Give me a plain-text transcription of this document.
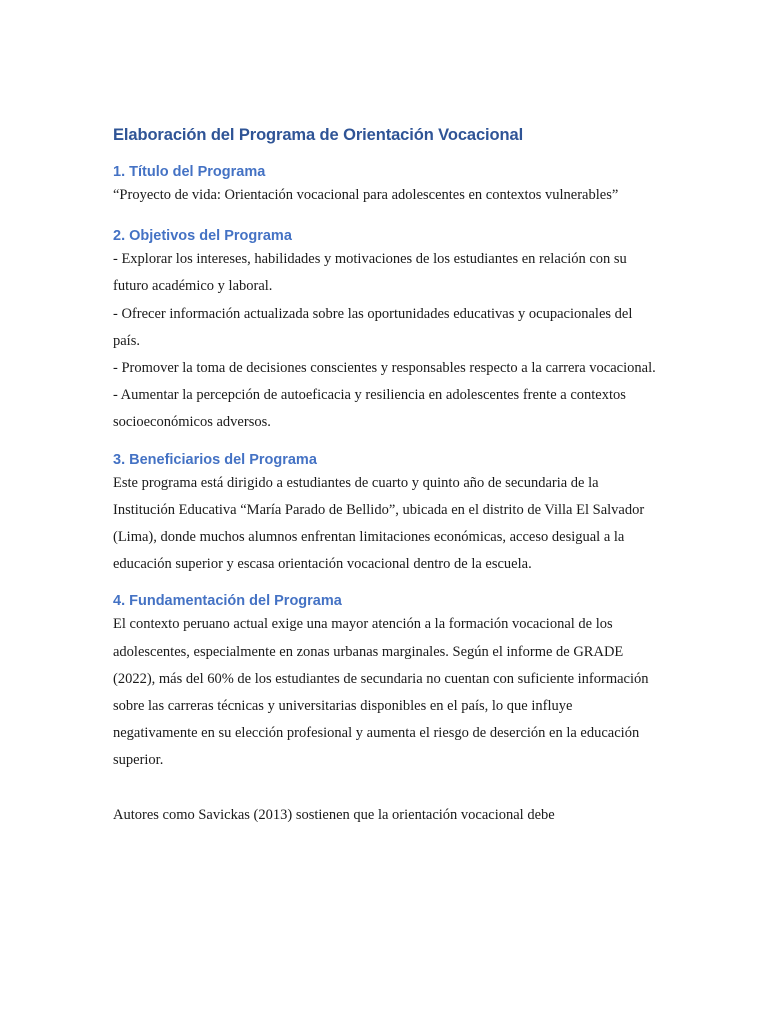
Elaboración del Programa de Orientación Vocacional
1. Título del Programa

“Proyecto de vida: Orientación vocacional para adolescentes en contextos vulnerables”

2. Objetivos del Programa

- Explorar los intereses, habilidades y motivaciones de los estudiantes en relación con su futuro académico y laboral.

- Ofrecer información actualizada sobre las oportunidades educativas y ocupacionales del país.

- Promover la toma de decisiones conscientes y responsables respecto a la carrera vocacional.

- Aumentar la percepción de autoeficacia y resiliencia en adolescentes frente a contextos socioeconómicos adversos.

3. Beneficiarios del Programa

Este programa está dirigido a estudiantes de cuarto y quinto año de secundaria de la Institución Educativa “María Parado de Bellido”, ubicada en el distrito de Villa El Salvador (Lima), donde muchos alumnos enfrentan limitaciones económicas, acceso desigual a la educación superior y escasa orientación vocacional dentro de la escuela.

4. Fundamentación del Programa

El contexto peruano actual exige una mayor atención a la formación vocacional de los adolescentes, especialmente en zonas urbanas marginales. Según el informe de GRADE (2022), más del 60% de los estudiantes de secundaria no cuentan con suficiente información sobre las carreras técnicas y universitarias disponibles en el país, lo que influye negativamente en su elección profesional y aumenta el riesgo de deserción en la educación superior.

Autores como Savickas (2013) sostienen que la orientación vocacional debe
